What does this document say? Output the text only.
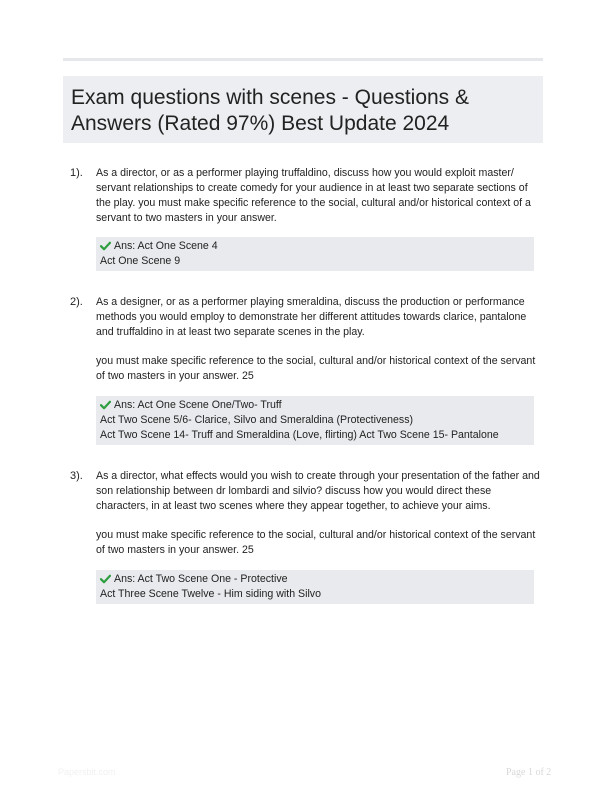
Exam questions with scenes - Questions & Answers (Rated 97%) Best Update 2024
1). As a director, or as a performer playing truffaldino, discuss how you would exploit master/ servant relationships to create comedy for your audience in at least two separate sections of the play. you must make specific reference to the social, cultural and/or historical context of a servant to two masters in your answer.

Ans: Act One Scene 4
Act One Scene 9
2). As a designer, or as a performer playing smeraldina, discuss the production or performance methods you would employ to demonstrate her different attitudes towards clarice, pantalone and truffaldino in at least two separate scenes in the play.

you must make specific reference to the social, cultural and/or historical context of the servant of two masters in your answer. 25

Ans: Act One Scene One/Two- Truff
Act Two Scene 5/6- Clarice, Silvo and Smeraldina (Protectiveness)
Act Two Scene 14- Truff and Smeraldina (Love, flirting) Act Two Scene 15- Pantalone
3). As a director, what effects would you wish to create through your presentation of the father and son relationship between dr lombardi and silvio? discuss how you would direct these characters, in at least two scenes where they appear together, to achieve your aims.

you must make specific reference to the social, cultural and/or historical context of the servant of two masters in your answer. 25

Ans: Act Two Scene One - Protective
Act Three Scene Twelve - Him siding with Silvo
Papersbit.com	Page 1 of 2
